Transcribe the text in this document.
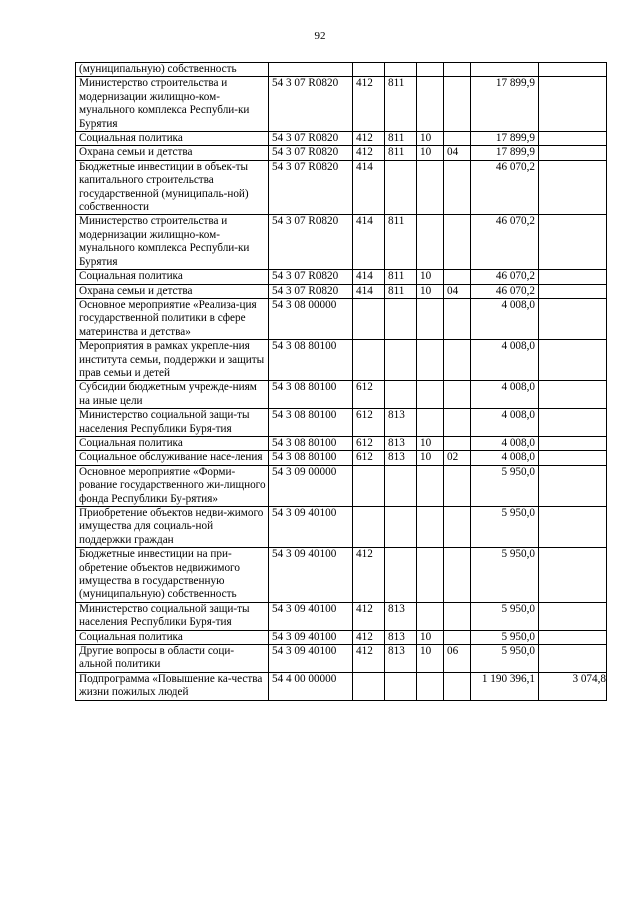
92
(муниципальную) собственность							
Министерство строительства и модернизации жилищно-ком-мунального комплекса Республи-ки Бурятия	54 3 07 R0820	412	811			17 899,9	
Социальная политика	54 3 07 R0820	412	811	10		17 899,9	
Охрана семьи и детства	54 3 07 R0820	412	811	10	04	17 899,9	
Бюджетные инвестиции в объек-ты капитального строительства государственной (муниципаль-ной) собственности	54 3 07 R0820	414				46 070,2	
Министерство строительства и модернизации жилищно-ком-мунального комплекса Республи-ки Бурятия	54 3 07 R0820	414	811			46 070,2	
Социальная политика	54 3 07 R0820	414	811	10		46 070,2	
Охрана семьи и детства	54 3 07 R0820	414	811	10	04	46 070,2	
Основное мероприятие «Реализа-ция государственной политики в сфере материнства и детства»	54 3 08 00000					4 008,0	
Мероприятия в рамках укрепле-ния института семьи, поддержки и защиты прав семьи и детей	54 3 08 80100					4 008,0	
Субсидии бюджетным учрежде-ниям на иные цели	54 3 08 80100	612				4 008,0	
Министерство социальной защи-ты населения Республики Буря-тия	54 3 08 80100	612	813			4 008,0	
Социальная политика	54 3 08 80100	612	813	10		4 008,0	
Социальное обслуживание насе-ления	54 3 08 80100	612	813	10	02	4 008,0	
Основное мероприятие «Форми-рование государственного жи-лищного фонда Республики Бу-рятия»	54 3 09 00000					5 950,0	
Приобретение объектов недви-жимого имущества для социаль-ной поддержки граждан	54 3 09 40100					5 950,0	
Бюджетные инвестиции на при-обретение объектов недвижимого имущества в государственную (муниципальную) собственность	54 3 09 40100	412				5 950,0	
Министерство социальной защи-ты населения Республики Буря-тия	54 3 09 40100	412	813			5 950,0	
Социальная политика	54 3 09 40100	412	813	10		5 950,0	
Другие вопросы в области соци-альной политики	54 3 09 40100	412	813	10	06	5 950,0	
Подпрограмма «Повышение ка-чества жизни пожилых людей	54 4 00 00000					1 190 396,1	3 074,8
